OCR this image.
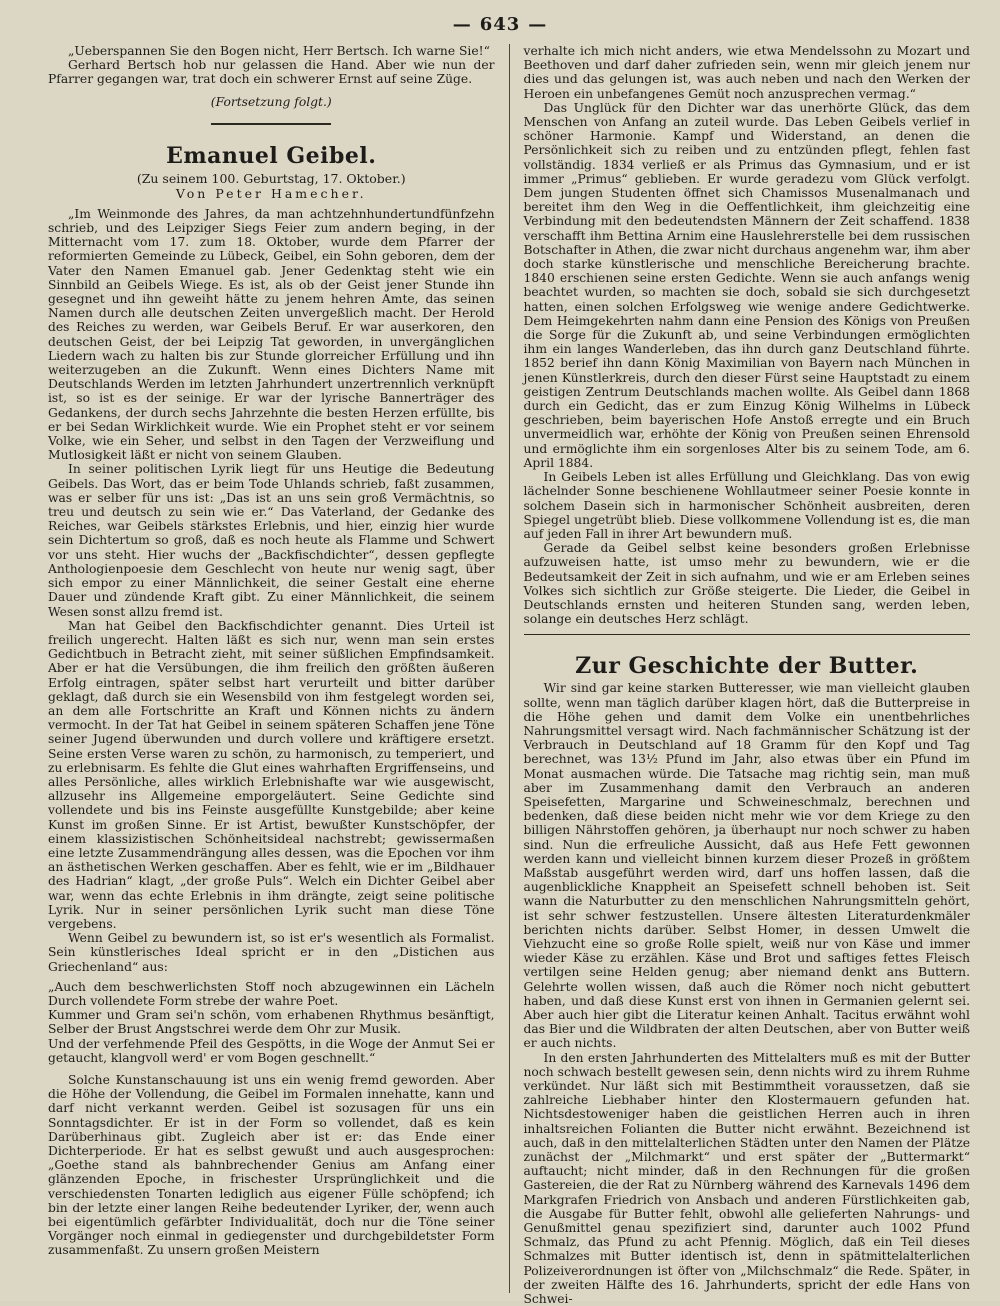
— 643 —

„Ueberspannen Sie den Bogen nicht, Herr Bertsch. Ich warne Sie!“

Gerhard Bertsch hob nur gelassen die Hand. Aber wie nun der Pfarrer gegangen war, trat doch ein schwerer Ernst auf seine Züge.

(Fortsetzung folgt.)

Emanuel Geibel.
(Zu seinem 100. Geburtstag, 17. Oktober.)
Von Peter Hamecher.

„Im Weinmonde des Jahres, da man achtzehnhundertundfünfzehn schrieb, und des Leipziger Siegs Feier zum andern beging, in der Mitternacht vom 17. zum 18. Oktober, wurde dem Pfarrer der reformierten Gemeinde zu Lübeck, Geibel, ein Sohn geboren, dem der Vater den Namen Emanuel gab. Jener Gedenktag steht wie ein Sinnbild an Geibels Wiege. Es ist, als ob der Geist jener Stunde ihn gesegnet und ihn geweiht hätte zu jenem hehren Amte, das seinen Namen durch alle deutschen Zeiten unvergeßlich macht. Der Herold des Reiches zu werden, war Geibels Beruf. Er war auserkoren, den deutschen Geist, der bei Leipzig Tat geworden, in unvergänglichen Liedern wach zu halten bis zur Stunde glorreicher Erfüllung und ihn weiterzugeben an die Zukunft. Wenn eines Dichters Name mit Deutschlands Werden im letzten Jahrhundert unzertrennlich verknüpft ist, so ist es der seinige. Er war der lyrische Bannerträger des Gedankens, der durch sechs Jahrzehnte die besten Herzen erfüllte, bis er bei Sedan Wirklichkeit wurde. Wie ein Prophet steht er vor seinem Volke, wie ein Seher, und selbst in den Tagen der Verzweiflung und Mutlosigkeit läßt er nicht von seinem Glauben.

In seiner politischen Lyrik liegt für uns Heutige die Bedeutung Geibels. Das Wort, das er beim Tode Uhlands schrieb, faßt zusammen, was er selber für uns ist: „Das ist an uns sein groß Vermächtnis, so treu und deutsch zu sein wie er.“ Das Vaterland, der Gedanke des Reiches, war Geibels stärkstes Erlebnis, und hier, einzig hier wurde sein Dichtertum so groß, daß es noch heute als Flamme und Schwert vor uns steht. Hier wuchs der „Backfischdichter“, dessen gepflegte Anthologienpoesie dem Geschlecht von heute nur wenig sagt, über sich empor zu einer Männlichkeit, die seiner Gestalt eine eherne Dauer und zündende Kraft gibt. Zu einer Männlichkeit, die seinem Wesen sonst allzu fremd ist.

Man hat Geibel den Backfischdichter genannt. Dies Urteil ist freilich ungerecht. Halten läßt es sich nur, wenn man sein erstes Gedichtbuch in Betracht zieht, mit seiner süßlichen Empfindsamkeit. Aber er hat die Versübungen, die ihm freilich den größten äußeren Erfolg eintragen, später selbst hart verurteilt und bitter darüber geklagt, daß durch sie ein Wesensbild von ihm festgelegt worden sei, an dem alle Fortschritte an Kraft und Können nichts zu ändern vermocht. In der Tat hat Geibel in seinem späteren Schaffen jene Töne seiner Jugend überwunden und durch vollere und kräftigere ersetzt. Seine ersten Verse waren zu schön, zu harmonisch, zu temperiert, und zu erlebnisarm. Es fehlte die Glut eines wahrhaften Ergriffenseins, und alles Persönliche, alles wirklich Erlebnishafte war wie ausgewischt, allzusehr ins Allgemeine emporgeläutert. Seine Gedichte sind vollendete und bis ins Feinste ausgefüllte Kunstgebilde; aber keine Kunst im großen Sinne. Er ist Artist, bewußter Kunstschöpfer, der einem klassizistischen Schönheitsideal nachstrebt; gewissermaßen eine letzte Zusammendrängung alles dessen, was die Epochen vor ihm an ästhetischen Werken geschaffen. Aber es fehlt, wie er im „Bildhauer des Hadrian“ klagt, „der große Puls“. Welch ein Dichter Geibel aber war, wenn das echte Erlebnis in ihm drängte, zeigt seine politische Lyrik. Nur in seiner persönlichen Lyrik sucht man diese Töne vergebens.

Wenn Geibel zu bewundern ist, so ist er's wesentlich als Formalist. Sein künstlerisches Ideal spricht er in den „Distichen aus Griechenland“ aus:

„Auch dem beschwerlichsten Stoff noch abzugewinnen ein Lächeln Durch vollendete Form strebe der wahre Poet.
Kummer und Gram sei'n schön, vom erhabenen Rhythmus besänftigt, Selber der Brust Angstschrei werde dem Ohr zur Musik.
Und der verfehmende Pfeil des Gespötts, in die Woge der Anmut Sei er getaucht, klangvoll werd' er vom Bogen geschnellt.“

Solche Kunstanschauung ist uns ein wenig fremd geworden. Aber die Höhe der Vollendung, die Geibel im Formalen innehatte, kann und darf nicht verkannt werden. Geibel ist sozusagen für uns ein Sonntagsdichter. Er ist in der Form so vollendet, daß es kein Darüberhinaus gibt. Zugleich aber ist er: das Ende einer Dichterperiode. Er hat es selbst gewußt und auch ausgesprochen: „Goethe stand als bahnbrechender Genius am Anfang einer glänzenden Epoche, in frischester Ursprünglichkeit und die verschiedensten Tonarten lediglich aus eigener Fülle schöpfend; ich bin der letzte einer langen Reihe bedeutender Lyriker, der, wenn auch bei eigentümlich gefärbter Individualität, doch nur die Töne seiner Vorgänger noch einmal in gediegenster und durchgebildetster Form zusammenfaßt. Zu unsern großen Meistern

verhalte ich mich nicht anders, wie etwa Mendelssohn zu Mozart und Beethoven und darf daher zufrieden sein, wenn mir gleich jenem nur dies und das gelungen ist, was auch neben und nach den Werken der Heroen ein unbefangenes Gemüt noch anzusprechen vermag.“

Das Unglück für den Dichter war das unerhörte Glück, das dem Menschen von Anfang an zuteil wurde. Das Leben Geibels verlief in schöner Harmonie. Kampf und Widerstand, an denen die Persönlichkeit sich zu reiben und zu entzünden pflegt, fehlen fast vollständig. 1834 verließ er als Primus das Gymnasium, und er ist immer „Primus“ geblieben. Er wurde geradezu vom Glück verfolgt. Dem jungen Studenten öffnet sich Chamissos Musenalmanach und bereitet ihm den Weg in die Oeffentlichkeit, ihm gleichzeitig eine Verbindung mit den bedeutendsten Männern der Zeit schaffend. 1838 verschafft ihm Bettina Arnim eine Hauslehrerstelle bei dem russischen Botschafter in Athen, die zwar nicht durchaus angenehm war, ihm aber doch starke künstlerische und menschliche Bereicherung brachte. 1840 erschienen seine ersten Gedichte. Wenn sie auch anfangs wenig beachtet wurden, so machten sie doch, sobald sie sich durchgesetzt hatten, einen solchen Erfolgsweg wie wenige andere Gedichtwerke. Dem Heimgekehrten nahm dann eine Pension des Königs von Preußen die Sorge für die Zukunft ab, und seine Verbindungen ermöglichten ihm ein langes Wanderleben, das ihn durch ganz Deutschland führte. 1852 berief ihn dann König Maximilian von Bayern nach München in jenen Künstlerkreis, durch den dieser Fürst seine Hauptstadt zu einem geistigen Zentrum Deutschlands machen wollte. Als Geibel dann 1868 durch ein Gedicht, das er zum Einzug König Wilhelms in Lübeck geschrieben, beim bayerischen Hofe Anstoß erregte und ein Bruch unvermeidlich war, erhöhte der König von Preußen seinen Ehrensold und ermöglichte ihm ein sorgenloses Alter bis zu seinem Tode, am 6. April 1884.

In Geibels Leben ist alles Erfüllung und Gleichklang. Das von ewig lächelnder Sonne beschienene Wohllautmeer seiner Poesie konnte in solchem Dasein sich in harmonischer Schönheit ausbreiten, deren Spiegel ungetrübt blieb. Diese vollkommene Vollendung ist es, die man auf jeden Fall in ihrer Art bewundern muß.

Gerade da Geibel selbst keine besonders großen Erlebnisse aufzuweisen hatte, ist umso mehr zu bewundern, wie er die Bedeutsamkeit der Zeit in sich aufnahm, und wie er am Erleben seines Volkes sich sichtlich zur Größe steigerte. Die Lieder, die Geibel in Deutschlands ernsten und heiteren Stunden sang, werden leben, solange ein deutsches Herz schlägt.

Zur Geschichte der Butter.

Wir sind gar keine starken Butteresser, wie man vielleicht glauben sollte, wenn man täglich darüber klagen hört, daß die Butterpreise in die Höhe gehen und damit dem Volke ein unentbehrliches Nahrungsmittel versagt wird. Nach fachmännischer Schätzung ist der Verbrauch in Deutschland auf 18 Gramm für den Kopf und Tag berechnet, was 13½ Pfund im Jahr, also etwas über ein Pfund im Monat ausmachen würde. Die Tatsache mag richtig sein, man muß aber im Zusammenhang damit den Verbrauch an anderen Speisefetten, Margarine und Schweineschmalz, berechnen und bedenken, daß diese beiden nicht mehr wie vor dem Kriege zu den billigen Nährstoffen gehören, ja überhaupt nur noch schwer zu haben sind. Nun die erfreuliche Aussicht, daß aus Hefe Fett gewonnen werden kann und vielleicht binnen kurzem dieser Prozeß in größtem Maßstab ausgeführt werden wird, darf uns hoffen lassen, daß die augenblickliche Knappheit an Speisefett schnell behoben ist. Seit wann die Naturbutter zu den menschlichen Nahrungsmitteln gehört, ist sehr schwer festzustellen. Unsere ältesten Literaturdenkmäler berichten nichts darüber. Selbst Homer, in dessen Umwelt die Viehzucht eine so große Rolle spielt, weiß nur von Käse und immer wieder Käse zu erzählen. Käse und Brot und saftiges fettes Fleisch vertilgen seine Helden genug; aber niemand denkt ans Buttern. Gelehrte wollen wissen, daß auch die Römer noch nicht gebuttert haben, und daß diese Kunst erst von ihnen in Germanien gelernt sei. Aber auch hier gibt die Literatur keinen Anhalt. Tacitus erwähnt wohl das Bier und die Wildbraten der alten Deutschen, aber von Butter weiß er auch nichts.

In den ersten Jahrhunderten des Mittelalters muß es mit der Butter noch schwach bestellt gewesen sein, denn nichts wird zu ihrem Ruhme verkündet. Nur läßt sich mit Bestimmtheit voraussetzen, daß sie zahlreiche Liebhaber hinter den Klostermauern gefunden hat. Nichtsdestoweniger haben die geistlichen Herren auch in ihren inhaltsreichen Folianten die Butter nicht erwähnt. Bezeichnend ist auch, daß in den mittelalterlichen Städten unter den Namen der Plätze zunächst der „Milchmarkt“ und erst später der „Buttermarkt“ auftaucht; nicht minder, daß in den Rechnungen für die großen Gastereien, die der Rat zu Nürnberg während des Karnevals 1496 dem Markgrafen Friedrich von Ansbach und anderen Fürstlichkeiten gab, die Ausgabe für Butter fehlt, obwohl alle gelieferten Nahrungs- und Genußmittel genau spezifiziert sind, darunter auch 1002 Pfund Schmalz, das Pfund zu acht Pfennig. Möglich, daß ein Teil dieses Schmalzes mit Butter identisch ist, denn in spätmittelalterlichen Polizeiverordnungen ist öfter von „Milchschmalz“ die Rede. Später, in der zweiten Hälfte des 16. Jahrhunderts, spricht der edle Hans von Schwei-
